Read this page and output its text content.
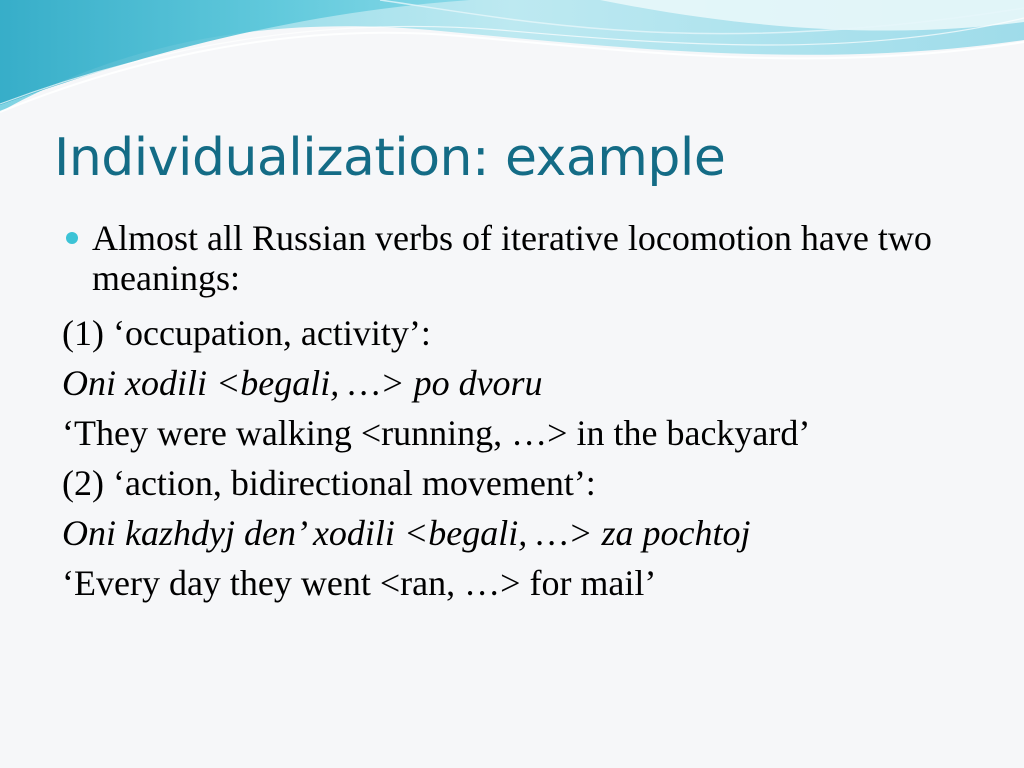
Individualization: example
Almost all Russian verbs of iterative locomotion have two meanings:
(1) ‘occupation, activity’:
Oni xodili <begali, …> po dvoru
‘They were walking <running, …> in the backyard’
(2) ‘action, bidirectional movement’:
Oni kazhdyj den’ xodili <begali, …> za pochtoj
‘Every day they went <ran, …> for mail’
